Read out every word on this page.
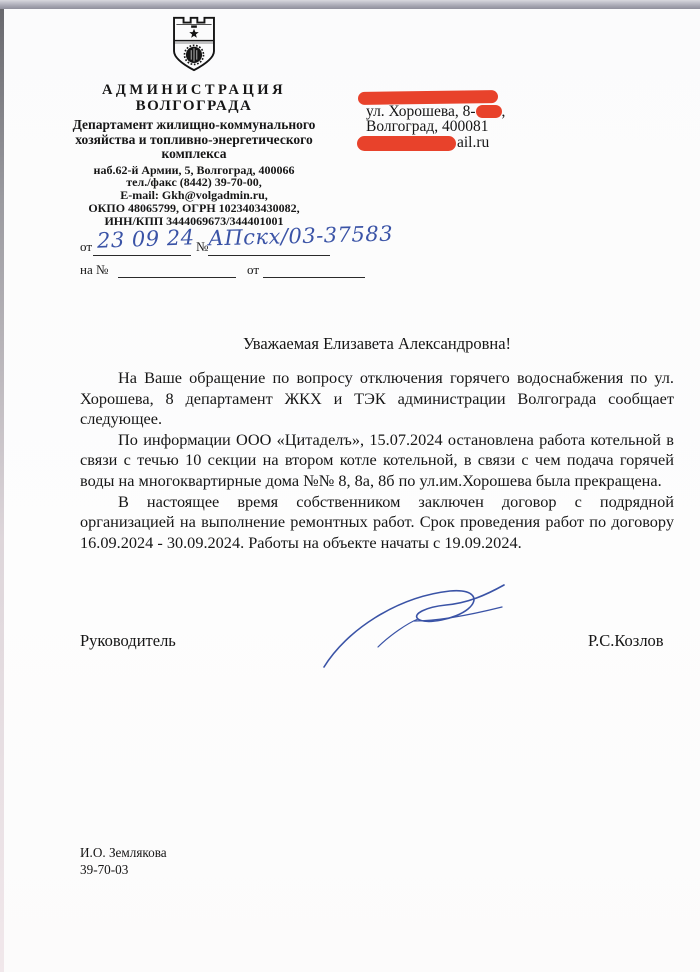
АДМИНИСТРАЦИЯ
ВОЛГОГРАДА
Департамент жилищно-коммунального
хозяйства и топливно-энергетического
комплекса
наб.62-й Армии, 5, Волгоград, 400066
тел./факс (8442) 39-70-00,
E-mail: Gkh@volgadmin.ru,
ОКПО 48065799, ОГРН 1023403430082,
ИНН/КПП 3444069673/344401001
ул. Хорошева, 8- ,
Волгоград, 400081
ail.ru
от 23 09 24 № АПскх/03-37583
на №	от
Уважаемая Елизавета Александровна!

На Ваше обращение по вопросу отключения горячего водоснабжения по ул. Хорошева, 8 департамент ЖКХ и ТЭК администрации Волгограда сообщает следующее.

По информации ООО «Цитаделъ», 15.07.2024 остановлена работа котельной в связи с течью 10 секции на втором котле котельной, в связи с чем подача горячей воды на многоквартирные дома №№ 8, 8а, 8б по ул.им.Хорошева была прекращена.

В настоящее время собственником заключен договор с подрядной организацией на выполнение ремонтных работ. Срок проведения работ по договору 16.09.2024 - 30.09.2024. Работы на объекте начаты с 19.09.2024.

Руководитель	Р.С.Козлов
И.О. Землякова
39-70-03
